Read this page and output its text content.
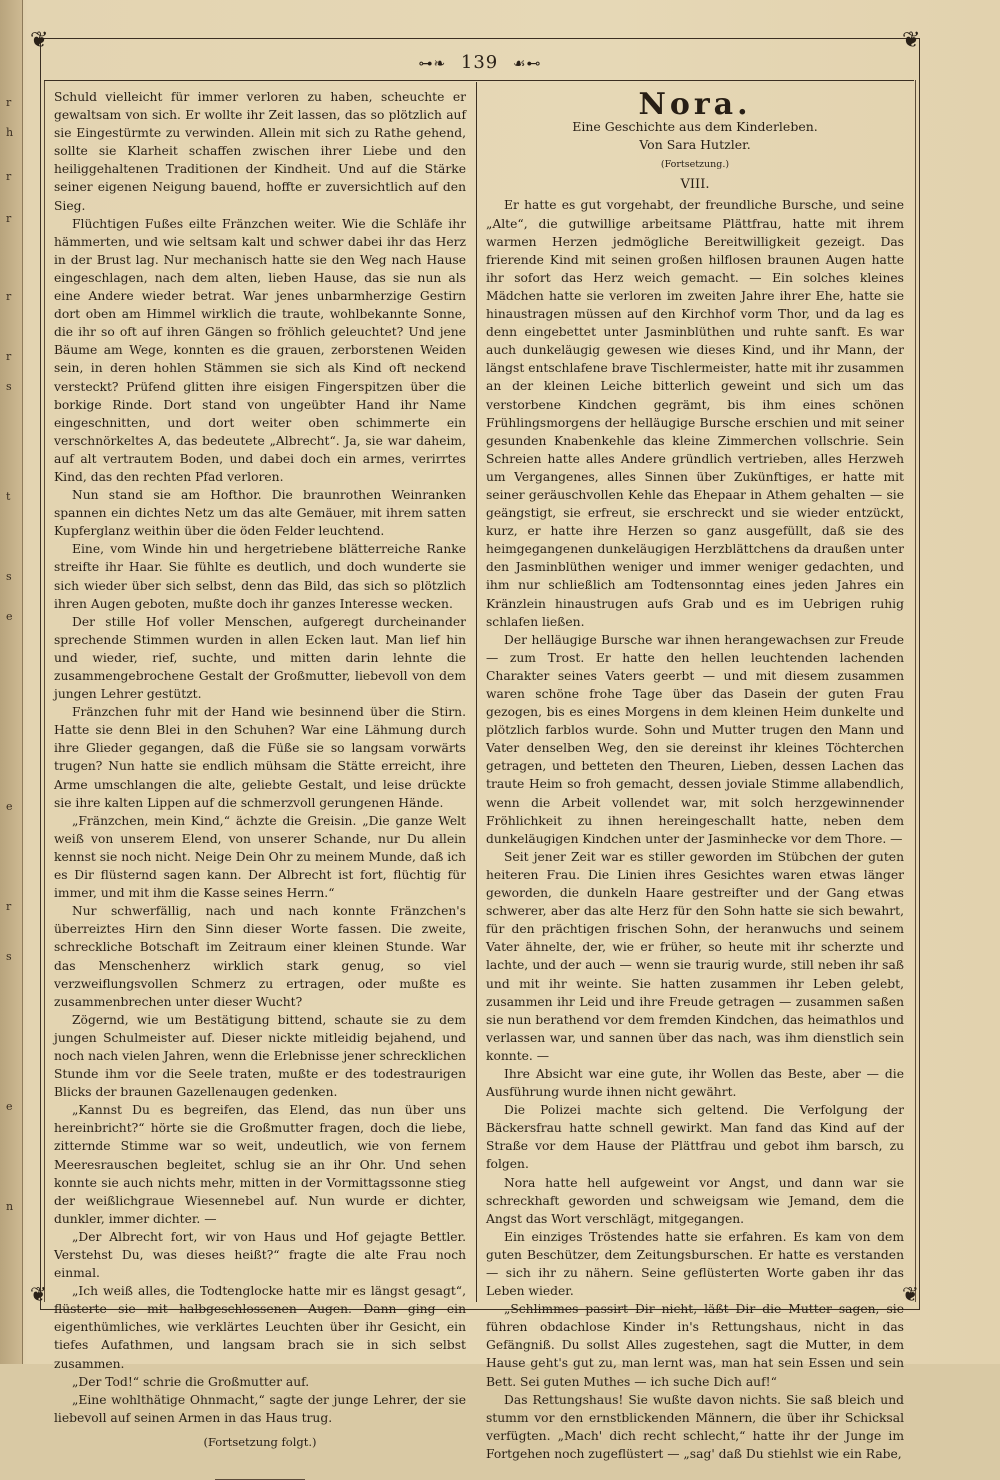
r
h
r
r
r
r
s
t
s
e
e
r
s
e
n
❦	❦
❦	❦
⊶❧ 139 ☙⊷

Schuld vielleicht für immer verloren zu haben, scheuchte er gewaltsam von sich. Er wollte ihr Zeit lassen, das so plötzlich auf sie Eingestürmte zu verwinden. Allein mit sich zu Rathe gehend, sollte sie Klarheit schaffen zwischen ihrer Liebe und den heiliggehaltenen Traditionen der Kindheit. Und auf die Stärke seiner eigenen Neigung bauend, hoffte er zuversichtlich auf den Sieg.

Flüchtigen Fußes eilte Fränzchen weiter. Wie die Schläfe ihr hämmerten, und wie seltsam kalt und schwer dabei ihr das Herz in der Brust lag. Nur mechanisch hatte sie den Weg nach Hause eingeschlagen, nach dem alten, lieben Hause, das sie nun als eine Andere wieder betrat. War jenes unbarmherzige Gestirn dort oben am Himmel wirklich die traute, wohlbekannte Sonne, die ihr so oft auf ihren Gängen so fröhlich geleuchtet? Und jene Bäume am Wege, konnten es die grauen, zerborstenen Weiden sein, in deren hohlen Stämmen sie sich als Kind oft neckend versteckt? Prüfend glitten ihre eisigen Fingerspitzen über die borkige Rinde. Dort stand von ungeübter Hand ihr Name eingeschnitten, und dort weiter oben schimmerte ein verschnörkeltes A, das bedeutete „Albrecht“. Ja, sie war daheim, auf alt vertrautem Boden, und dabei doch ein armes, verirrtes Kind, das den rechten Pfad verloren.

Nun stand sie am Hofthor. Die braunrothen Weinranken spannen ein dichtes Netz um das alte Gemäuer, mit ihrem satten Kupferglanz weithin über die öden Felder leuchtend.

Eine, vom Winde hin und hergetriebene blätterreiche Ranke streifte ihr Haar. Sie fühlte es deutlich, und doch wunderte sie sich wieder über sich selbst, denn das Bild, das sich so plötzlich ihren Augen geboten, mußte doch ihr ganzes Interesse wecken.

Der stille Hof voller Menschen, aufgeregt durcheinander sprechende Stimmen wurden in allen Ecken laut. Man lief hin und wieder, rief, suchte, und mitten darin lehnte die zusammengebrochene Gestalt der Großmutter, liebevoll von dem jungen Lehrer gestützt.

Fränzchen fuhr mit der Hand wie besinnend über die Stirn. Hatte sie denn Blei in den Schuhen? War eine Lähmung durch ihre Glieder gegangen, daß die Füße sie so langsam vorwärts trugen? Nun hatte sie endlich mühsam die Stätte erreicht, ihre Arme umschlangen die alte, geliebte Gestalt, und leise drückte sie ihre kalten Lippen auf die schmerzvoll gerungenen Hände.

„Fränzchen, mein Kind,“ ächzte die Greisin. „Die ganze Welt weiß von unserem Elend, von unserer Schande, nur Du allein kennst sie noch nicht. Neige Dein Ohr zu meinem Munde, daß ich es Dir flüsternd sagen kann. Der Albrecht ist fort, flüchtig für immer, und mit ihm die Kasse seines Herrn.“

Nur schwerfällig, nach und nach konnte Fränzchen's überreiztes Hirn den Sinn dieser Worte fassen. Die zweite, schreckliche Botschaft im Zeitraum einer kleinen Stunde. War das Menschenherz wirklich stark genug, so viel verzweiflungsvollen Schmerz zu ertragen, oder mußte es zusammenbrechen unter dieser Wucht?

Zögernd, wie um Bestätigung bittend, schaute sie zu dem jungen Schulmeister auf. Dieser nickte mitleidig bejahend, und noch nach vielen Jahren, wenn die Erlebnisse jener schrecklichen Stunde ihm vor die Seele traten, mußte er des todestraurigen Blicks der braunen Gazellenaugen gedenken.

„Kannst Du es begreifen, das Elend, das nun über uns hereinbricht?“ hörte sie die Großmutter fragen, doch die liebe, zitternde Stimme war so weit, undeutlich, wie von fernem Meeresrauschen begleitet, schlug sie an ihr Ohr. Und sehen konnte sie auch nichts mehr, mitten in der Vormittagssonne stieg der weißlichgraue Wiesennebel auf. Nun wurde er dichter, dunkler, immer dichter. —

„Der Albrecht fort, wir von Haus und Hof gejagte Bettler. Verstehst Du, was dieses heißt?“ fragte die alte Frau noch einmal.

„Ich weiß alles, die Todtenglocke hatte mir es längst gesagt“, flüsterte sie mit halbgeschlossenen Augen. Dann ging ein eigenthümliches, wie verklärtes Leuchten über ihr Gesicht, ein tiefes Aufathmen, und langsam brach sie in sich selbst zusammen.

„Der Tod!“ schrie die Großmutter auf.

„Eine wohlthätige Ohnmacht,“ sagte der junge Lehrer, der sie liebevoll auf seinen Armen in das Haus trug.

(Fortsetzung folgt.)
Nora.
Eine Geschichte aus dem Kinderleben.
Von Sara Hutzler.
(Fortsetzung.)
VIII.

Er hatte es gut vorgehabt, der freundliche Bursche, und seine „Alte“, die gutwillige arbeitsame Plättfrau, hatte mit ihrem warmen Herzen jedmögliche Bereitwilligkeit gezeigt. Das frierende Kind mit seinen großen hilflosen braunen Augen hatte ihr sofort das Herz weich gemacht. — Ein solches kleines Mädchen hatte sie verloren im zweiten Jahre ihrer Ehe, hatte sie hinaustragen müssen auf den Kirchhof vorm Thor, und da lag es denn eingebettet unter Jasminblüthen und ruhte sanft. Es war auch dunkeläugig gewesen wie dieses Kind, und ihr Mann, der längst entschlafene brave Tischlermeister, hatte mit ihr zusammen an der kleinen Leiche bitterlich geweint und sich um das verstorbene Kindchen gegrämt, bis ihm eines schönen Frühlingsmorgens der helläugige Bursche erschien und mit seiner gesunden Knabenkehle das kleine Zimmerchen vollschrie. Sein Schreien hatte alles Andere gründlich vertrieben, alles Herzweh um Vergangenes, alles Sinnen über Zukünftiges, er hatte mit seiner geräuschvollen Kehle das Ehepaar in Athem gehalten — sie geängstigt, sie erfreut, sie erschreckt und sie wieder entzückt, kurz, er hatte ihre Herzen so ganz ausgefüllt, daß sie des heimgegangenen dunkeläugigen Herzblättchens da draußen unter den Jasminblüthen weniger und immer weniger gedachten, und ihm nur schließlich am Todtensonntag eines jeden Jahres ein Kränzlein hinaustrugen aufs Grab und es im Uebrigen ruhig schlafen ließen.

Der helläugige Bursche war ihnen herangewachsen zur Freude — zum Trost. Er hatte den hellen leuchtenden lachenden Charakter seines Vaters geerbt — und mit diesem zusammen waren schöne frohe Tage über das Dasein der guten Frau gezogen, bis es eines Morgens in dem kleinen Heim dunkelte und plötzlich farblos wurde. Sohn und Mutter trugen den Mann und Vater denselben Weg, den sie dereinst ihr kleines Töchterchen getragen, und betteten den Theuren, Lieben, dessen Lachen das traute Heim so froh gemacht, dessen joviale Stimme allabendlich, wenn die Arbeit vollendet war, mit solch herzgewinnender Fröhlichkeit zu ihnen hereingeschallt hatte, neben dem dunkeläugigen Kindchen unter der Jasminhecke vor dem Thore. —

Seit jener Zeit war es stiller geworden im Stübchen der guten heiteren Frau. Die Linien ihres Gesichtes waren etwas länger geworden, die dunkeln Haare gestreifter und der Gang etwas schwerer, aber das alte Herz für den Sohn hatte sie sich bewahrt, für den prächtigen frischen Sohn, der heranwuchs und seinem Vater ähnelte, der, wie er früher, so heute mit ihr scherzte und lachte, und der auch — wenn sie traurig wurde, still neben ihr saß und mit ihr weinte. Sie hatten zusammen ihr Leben gelebt, zusammen ihr Leid und ihre Freude getragen — zusammen saßen sie nun berathend vor dem fremden Kindchen, das heimathlos und verlassen war, und sannen über das nach, was ihm dienstlich sein konnte. —

Ihre Absicht war eine gute, ihr Wollen das Beste, aber — die Ausführung wurde ihnen nicht gewährt.

Die Polizei machte sich geltend. Die Verfolgung der Bäckersfrau hatte schnell gewirkt. Man fand das Kind auf der Straße vor dem Hause der Plättfrau und gebot ihm barsch, zu folgen.

Nora hatte hell aufgeweint vor Angst, und dann war sie schreckhaft geworden und schweigsam wie Jemand, dem die Angst das Wort verschlägt, mitgegangen.

Ein einziges Tröstendes hatte sie erfahren. Es kam von dem guten Beschützer, dem Zeitungsburschen. Er hatte es verstanden — sich ihr zu nähern. Seine geflüsterten Worte gaben ihr das Leben wieder.

„Schlimmes passirt Dir nicht, läßt Dir die Mutter sagen, sie führen obdachlose Kinder in's Rettungshaus, nicht in das Gefängniß. Du sollst Alles zugestehen, sagt die Mutter, in dem Hause geht's gut zu, man lernt was, man hat sein Essen und sein Bett. Sei guten Muthes — ich suche Dich auf!“

Das Rettungshaus! Sie wußte davon nichts. Sie saß bleich und stumm vor den ernstblickenden Männern, die über ihr Schicksal verfügten. „Mach' dich recht schlecht,“ hatte ihr der Junge im Fortgehen noch zugeflüstert — „sag' daß Du stiehlst wie ein Rabe,
